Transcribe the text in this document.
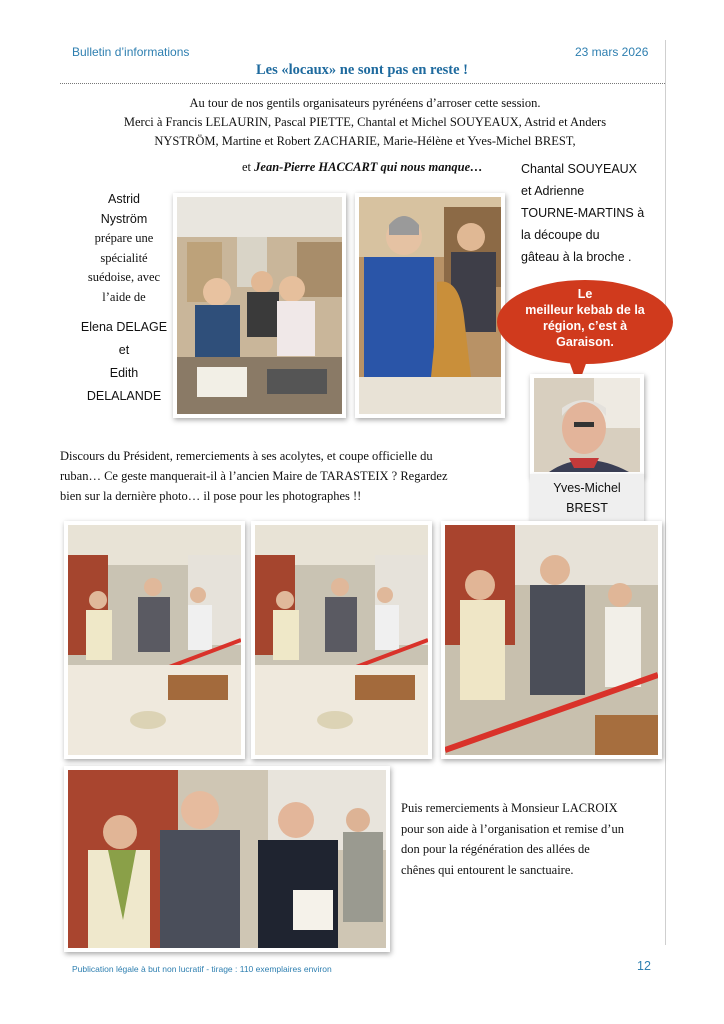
Bulletin d’informations	23 mars 2026
Les «locaux» ne sont pas en reste !
Au tour de nos gentils organisateurs pyrénéens d’arroser cette session.
Merci à Francis LELAURIN, Pascal PIETTE, Chantal et Michel SOUYEAUX, Astrid et Anders
NYSTRÖM, Martine et Robert ZACHARIE, Marie-Hélène et Yves-Michel BREST,
et Jean-Pierre HACCART qui nous manque…
Astrid
Nyström
prépare une
spécialité
suédoise, avec
l’aide de
Elena DELAGE
et
Edith
DELALANDE
Chantal SOUYEAUX
et Adrienne
TOURNE-MARTINS à
la découpe du
gâteau à la broche .
Le
meilleur kebab de la
région, c’est à
Garaison.
Yves-Michel
BREST
Discours du Président, remerciements à ses acolytes, et coupe officielle du
ruban… Ce geste manquerait-il à l’ancien Maire de TARASTEIX ? Regardez
bien sur la dernière photo… il pose pour les photographes !!
Puis remerciements à Monsieur LACROIX
pour son aide à l’organisation et remise d’un
don pour la régénération des allées de
chênes qui entourent le sanctuaire.
Publication légale à but non lucratif - tirage : 110 exemplaires environ	12
